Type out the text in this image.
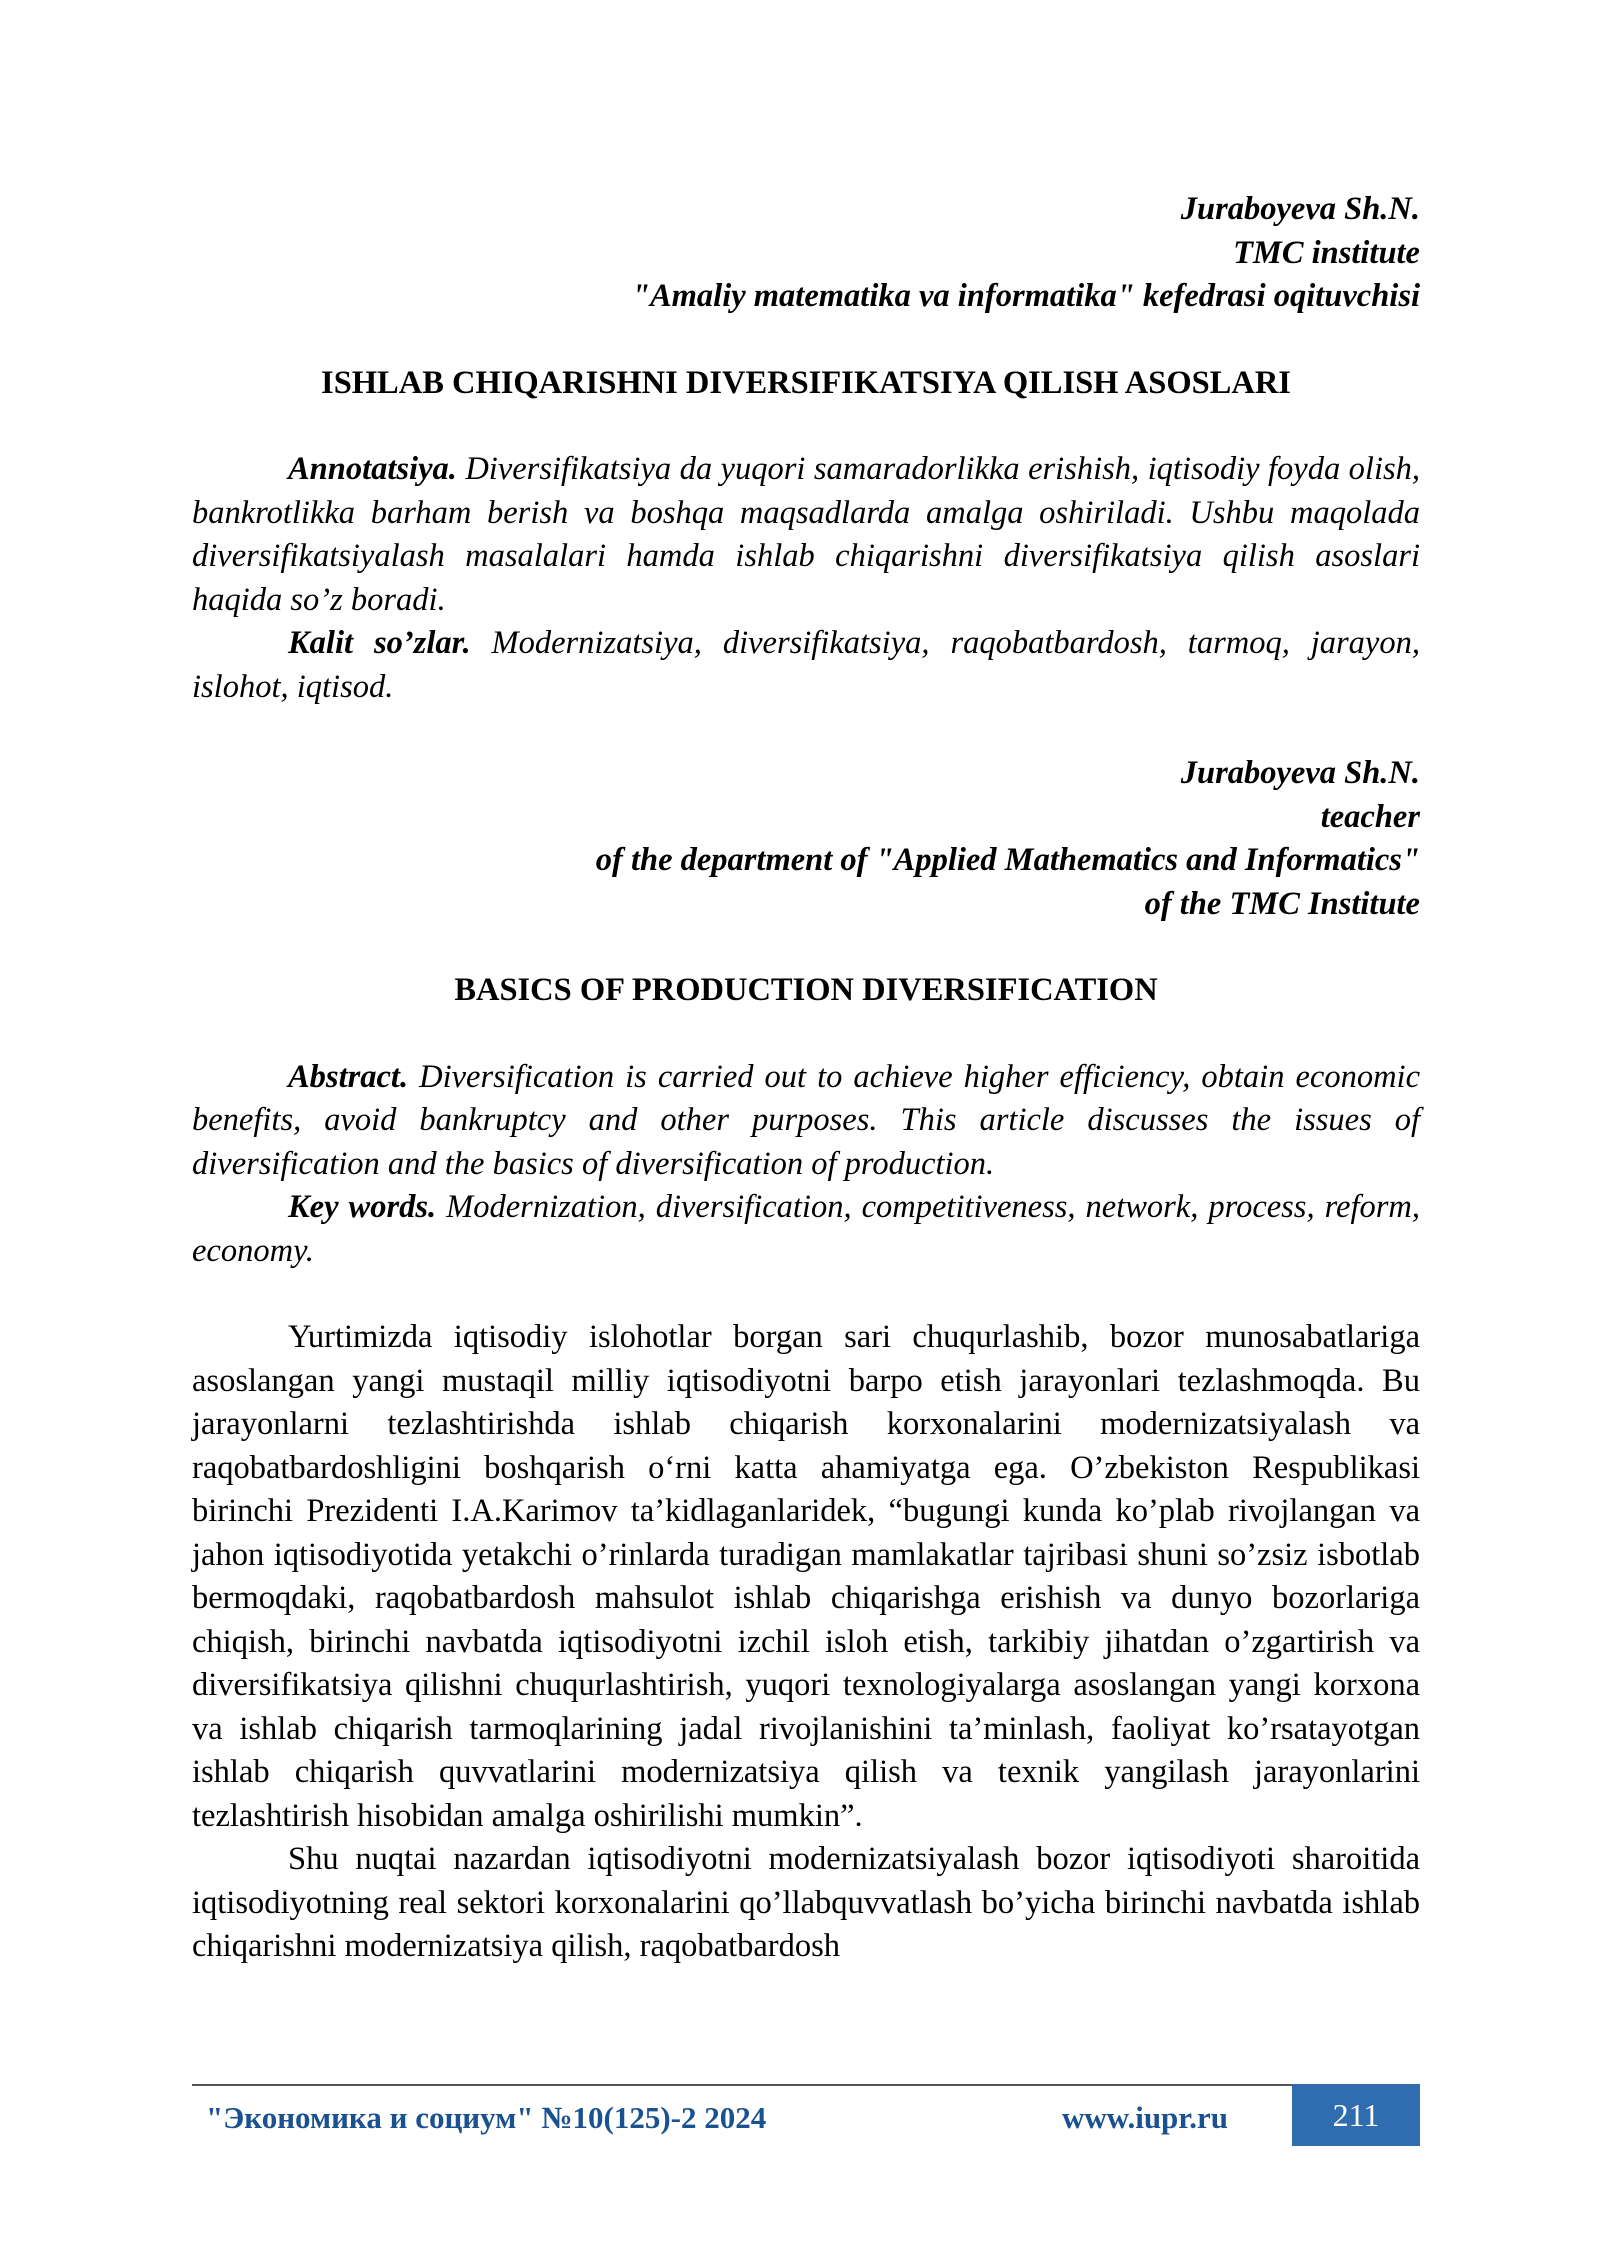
Juraboyeva Sh.N.
TMC institute
"Amaliy matematika va informatika" kefedrasi oqituvchisi
ISHLAB CHIQARISHNI DIVERSIFIKATSIYA QILISH ASOSLARI

Annotatsiya. Diversifikatsiya da yuqori samaradorlikka erishish, iqtisodiy foyda olish, bankrotlikka barham berish va boshqa maqsadlarda amalga oshiriladi. Ushbu maqolada diversifikatsiyalash masalalari hamda ishlab chiqarishni diversifikatsiya qilish asoslari haqida so’z boradi.

Kalit so’zlar. Modernizatsiya, diversifikatsiya, raqobatbardosh, tarmoq, jarayon, islohot, iqtisod.

Juraboyeva Sh.N.
teacher
of the department of "Applied Mathematics and Informatics"
of the TMC Institute
BASICS OF PRODUCTION DIVERSIFICATION

Abstract. Diversification is carried out to achieve higher efficiency, obtain economic benefits, avoid bankruptcy and other purposes. This article discusses the issues of diversification and the basics of diversification of production.

Key words. Modernization, diversification, competitiveness, network, process, reform, economy.

Yurtimizda iqtisodiy islohotlar borgan sari chuqurlashib, bozor munosabatlariga asoslangan yangi mustaqil milliy iqtisodiyotni barpo etish jarayonlari tezlashmoqda. Bu jarayonlarni tezlashtirishda ishlab chiqarish korxonalarini modernizatsiyalash va raqobatbardoshligini boshqarish o‘rni katta ahamiyatga ega. O’zbekiston Respublikasi birinchi Prezidenti I.A.Karimov ta’kidlaganlaridek, “bugungi kunda ko’plab rivojlangan va jahon iqtisodiyotida yetakchi o’rinlarda turadigan mamlakatlar tajribasi shuni so’zsiz isbotlab bermoqdaki, raqobatbardosh mahsulot ishlab chiqarishga erishish va dunyo bozorlariga chiqish, birinchi navbatda iqtisodiyotni izchil isloh etish, tarkibiy jihatdan o’zgartirish va diversifikatsiya qilishni chuqurlashtirish, yuqori texnologiyalarga asoslangan yangi korxona va ishlab chiqarish tarmoqlarining jadal rivojlanishini ta’minlash, faoliyat ko’rsatayotgan ishlab chiqarish quvvatlarini modernizatsiya qilish va texnik yangilash jarayonlarini tezlashtirish hisobidan amalga oshirilishi mumkin”.

Shu nuqtai nazardan iqtisodiyotni modernizatsiyalash bozor iqtisodiyoti sharoitida iqtisodiyotning real sektori korxonalarini qo’llabquvvatlash bo’yicha birinchi navbatda ishlab chiqarishni modernizatsiya qilish, raqobatbardosh

"Экономика и социум" №10(125)-2 2024	www.iupr.ru	211
